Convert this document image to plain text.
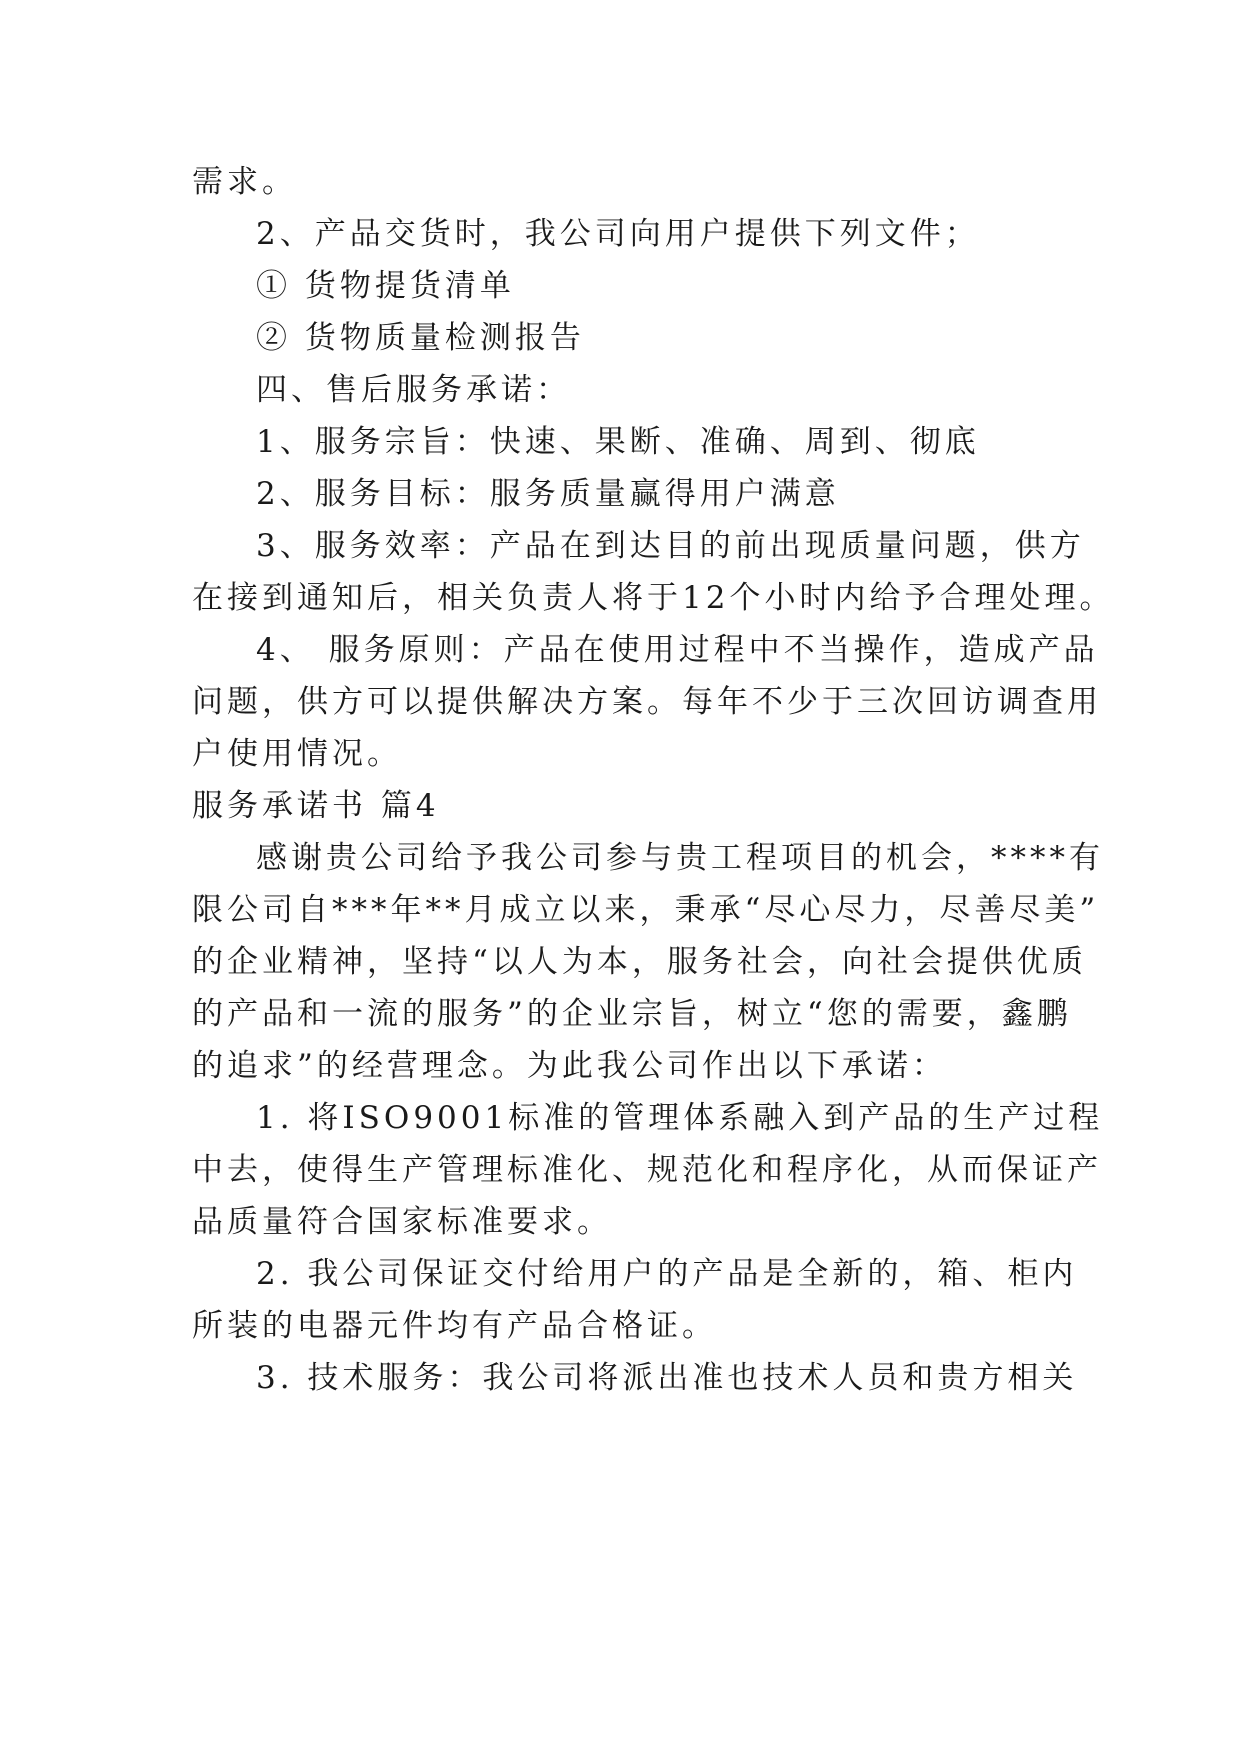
需求。
2、产品交货时，我公司向用户提供下列文件；
① 货物提货清单
② 货物质量检测报告
四、售后服务承诺：
1、服务宗旨：快速、果断、准确、周到、彻底
2、服务目标：服务质量赢得用户满意
3、服务效率：产品在到达目的前出现质量问题，供方
在接到通知后，相关负责人将于12个小时内给予合理处理。
4、 服务原则：产品在使用过程中不当操作，造成产品
问题，供方可以提供解决方案。每年不少于三次回访调查用
户使用情况。
服务承诺书 篇4
感谢贵公司给予我公司参与贵工程项目的机会，****有
限公司自***年**月成立以来，秉承“尽心尽力，尽善尽美”
的企业精神，坚持“以人为本，服务社会，向社会提供优质
的产品和一流的服务”的企业宗旨，树立“您的需要，鑫鹏
的追求”的经营理念。为此我公司作出以下承诺：
1. 将ISO9001标准的管理体系融入到产品的生产过程
中去，使得生产管理标准化、规范化和程序化，从而保证产
品质量符合国家标准要求。
2. 我公司保证交付给用户的产品是全新的，箱、柜内
所装的电器元件均有产品合格证。
3. 技术服务：我公司将派出准也技术人员和贵方相关
